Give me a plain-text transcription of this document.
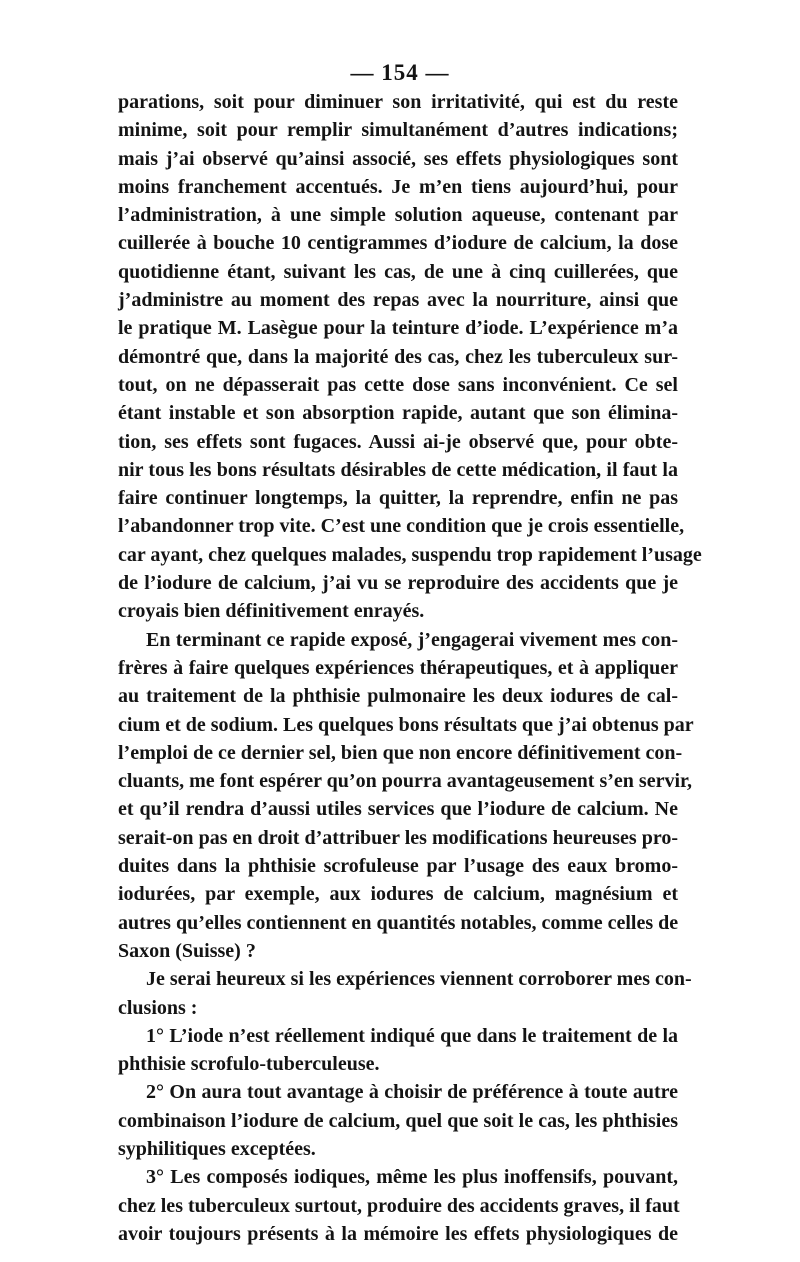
— 154 —
parations, soit pour diminuer son irritativité, qui est du reste
minime, soit pour remplir simultanément d’autres indications;
mais j’ai observé qu’ainsi associé, ses effets physiologiques sont
moins franchement accentués. Je m’en tiens aujourd’hui, pour
l’administration, à une simple solution aqueuse, contenant par
cuillerée à bouche 10 centigrammes d’iodure de calcium, la dose
quotidienne étant, suivant les cas, de une à cinq cuillerées, que
j’administre au moment des repas avec la nourriture, ainsi que
le pratique M. Lasègue pour la teinture d’iode. L’expérience m’a
démontré que, dans la majorité des cas, chez les tuberculeux sur-
tout, on ne dépasserait pas cette dose sans inconvénient. Ce sel
étant instable et son absorption rapide, autant que son élimina-
tion, ses effets sont fugaces. Aussi ai-je observé que, pour obte-
nir tous les bons résultats désirables de cette médication, il faut la
faire continuer longtemps, la quitter, la reprendre, enfin ne pas
l’abandonner trop vite. C’est une condition que je crois essentielle,
car ayant, chez quelques malades, suspendu trop rapidement l’usage
de l’iodure de calcium, j’ai vu se reproduire des accidents que je
croyais bien définitivement enrayés.
En terminant ce rapide exposé, j’engagerai vivement mes con-
frères à faire quelques expériences thérapeutiques, et à appliquer
au traitement de la phthisie pulmonaire les deux iodures de cal-
cium et de sodium. Les quelques bons résultats que j’ai obtenus par
l’emploi de ce dernier sel, bien que non encore définitivement con-
cluants, me font espérer qu’on pourra avantageusement s’en servir,
et qu’il rendra d’aussi utiles services que l’iodure de calcium. Ne
serait-on pas en droit d’attribuer les modifications heureuses pro-
duites dans la phthisie scrofuleuse par l’usage des eaux bromo-
iodurées, par exemple, aux iodures de calcium, magnésium et
autres qu’elles contiennent en quantités notables, comme celles de
Saxon (Suisse) ?
Je serai heureux si les expériences viennent corroborer mes con-
clusions :
1° L’iode n’est réellement indiqué que dans le traitement de la
phthisie scrofulo-tuberculeuse.
2° On aura tout avantage à choisir de préférence à toute autre
combinaison l’iodure de calcium, quel que soit le cas, les phthisies
syphilitiques exceptées.
3° Les composés iodiques, même les plus inoffensifs, pouvant,
chez les tuberculeux surtout, produire des accidents graves, il faut
avoir toujours présents à la mémoire les effets physiologiques de
